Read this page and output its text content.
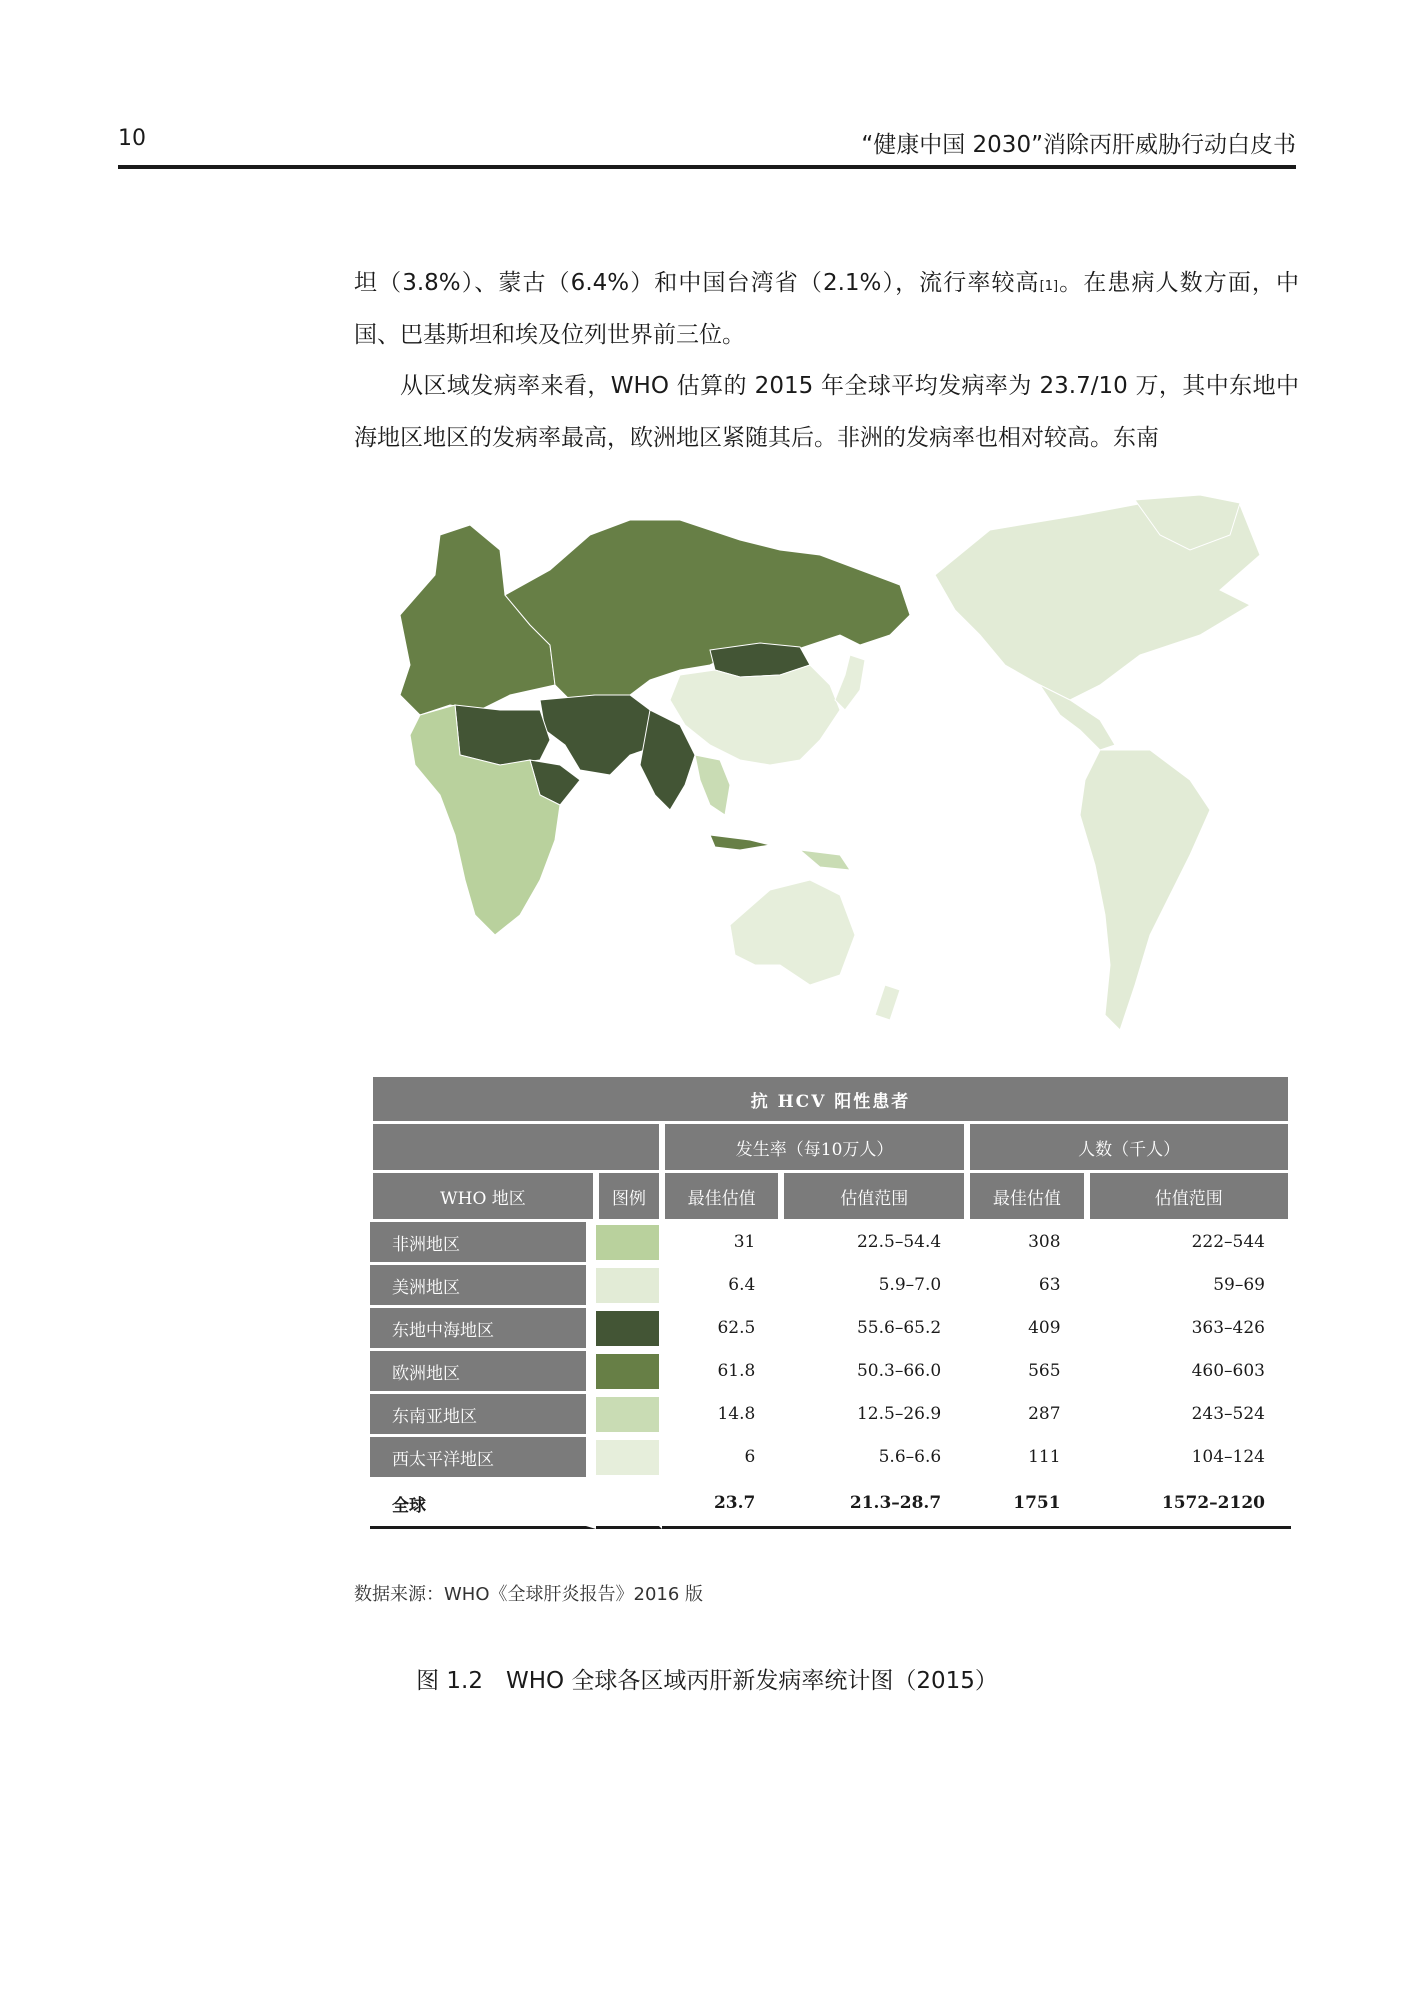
10	“健康中国 2030”消除丙肝威胁行动白皮书
坦（3.8%）、蒙古（6.4%）和中国台湾省（2.1%），流行率较高[1]。在患病人数方面，中国、巴基斯坦和埃及位列世界前三位。
从区域发病率来看，WHO 估算的 2015 年全球平均发病率为 23.7/10 万，其中东地中海地区地区的发病率最高，欧洲地区紧随其后。非洲的发病率也相对较高。东南
抗 HCV 阳性患者					
		发生率（每10万人）		人数（千人）	
WHO 地区	图例	最佳估值	估值范围	最佳估值	估值范围
非洲地区		31	22.5–54.4	308	222–544
美洲地区		6.4	5.9–7.0	63	59–69
东地中海地区		62.5	55.6–65.2	409	363–426
欧洲地区		61.8	50.3–66.0	565	460–603
东南亚地区		14.8	12.5–26.9	287	243–524
西太平洋地区		6	5.6–6.6	111	104–124
全球		23.7	21.3–28.7	1751	1572–2120
数据来源：WHO《全球肝炎报告》2016 版
图 1.2　WHO 全球各区域丙肝新发病率统计图（2015）
